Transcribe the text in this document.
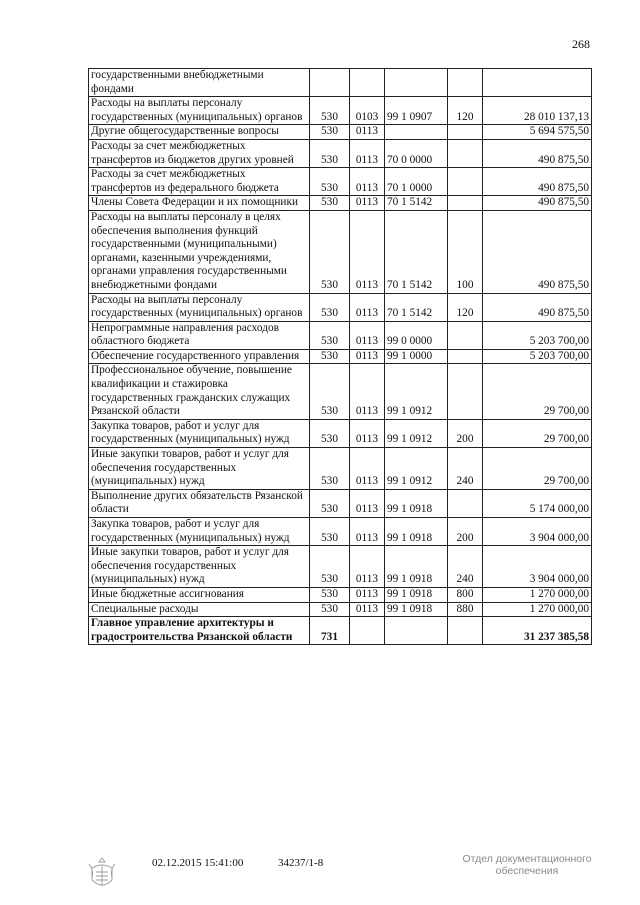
268
государственными внебюджетными фондами					
Расходы на выплаты персоналу государственных (муниципальных) органов	530	0103	99 1 0907	120	28 010 137,13
Другие общегосударственные вопросы	530	0113			5 694 575,50
Расходы за счет межбюджетных трансфертов из бюджетов других уровней	530	0113	70 0 0000		490 875,50
Расходы за счет межбюджетных трансфертов из федерального бюджета	530	0113	70 1 0000		490 875,50
Члены Совета Федерации и их помощники	530	0113	70 1 5142		490 875,50
Расходы на выплаты персоналу в целях обеспечения выполнения функций государственными (муниципальными) органами, казенными учреждениями, органами управления государственными внебюджетными фондами	530	0113	70 1 5142	100	490 875,50
Расходы на выплаты персоналу государственных (муниципальных) органов	530	0113	70 1 5142	120	490 875,50
Непрограммные направления расходов областного бюджета	530	0113	99 0 0000		5 203 700,00
Обеспечение государственного управления	530	0113	99 1 0000		5 203 700,00
Профессиональное обучение, повышение квалификации и стажировка государственных гражданских служащих Рязанской области	530	0113	99 1 0912		29 700,00
Закупка товаров, работ и услуг для государственных (муниципальных) нужд	530	0113	99 1 0912	200	29 700,00
Иные закупки товаров, работ и услуг для обеспечения государственных (муниципальных) нужд	530	0113	99 1 0912	240	29 700,00
Выполнение других обязательств Рязанской области	530	0113	99 1 0918		5 174 000,00
Закупка товаров, работ и услуг для государственных (муниципальных) нужд	530	0113	99 1 0918	200	3 904 000,00
Иные закупки товаров, работ и услуг для обеспечения государственных (муниципальных) нужд	530	0113	99 1 0918	240	3 904 000,00
Иные бюджетные ассигнования	530	0113	99 1 0918	800	1 270 000,00
Специальные расходы	530	0113	99 1 0918	880	1 270 000,00
Главное управление архитектуры и градостроительства Рязанской области	731				31 237 385,58
02.12.2015 15:41:00	34237/1-8	Отдел документационного
обеспечения
